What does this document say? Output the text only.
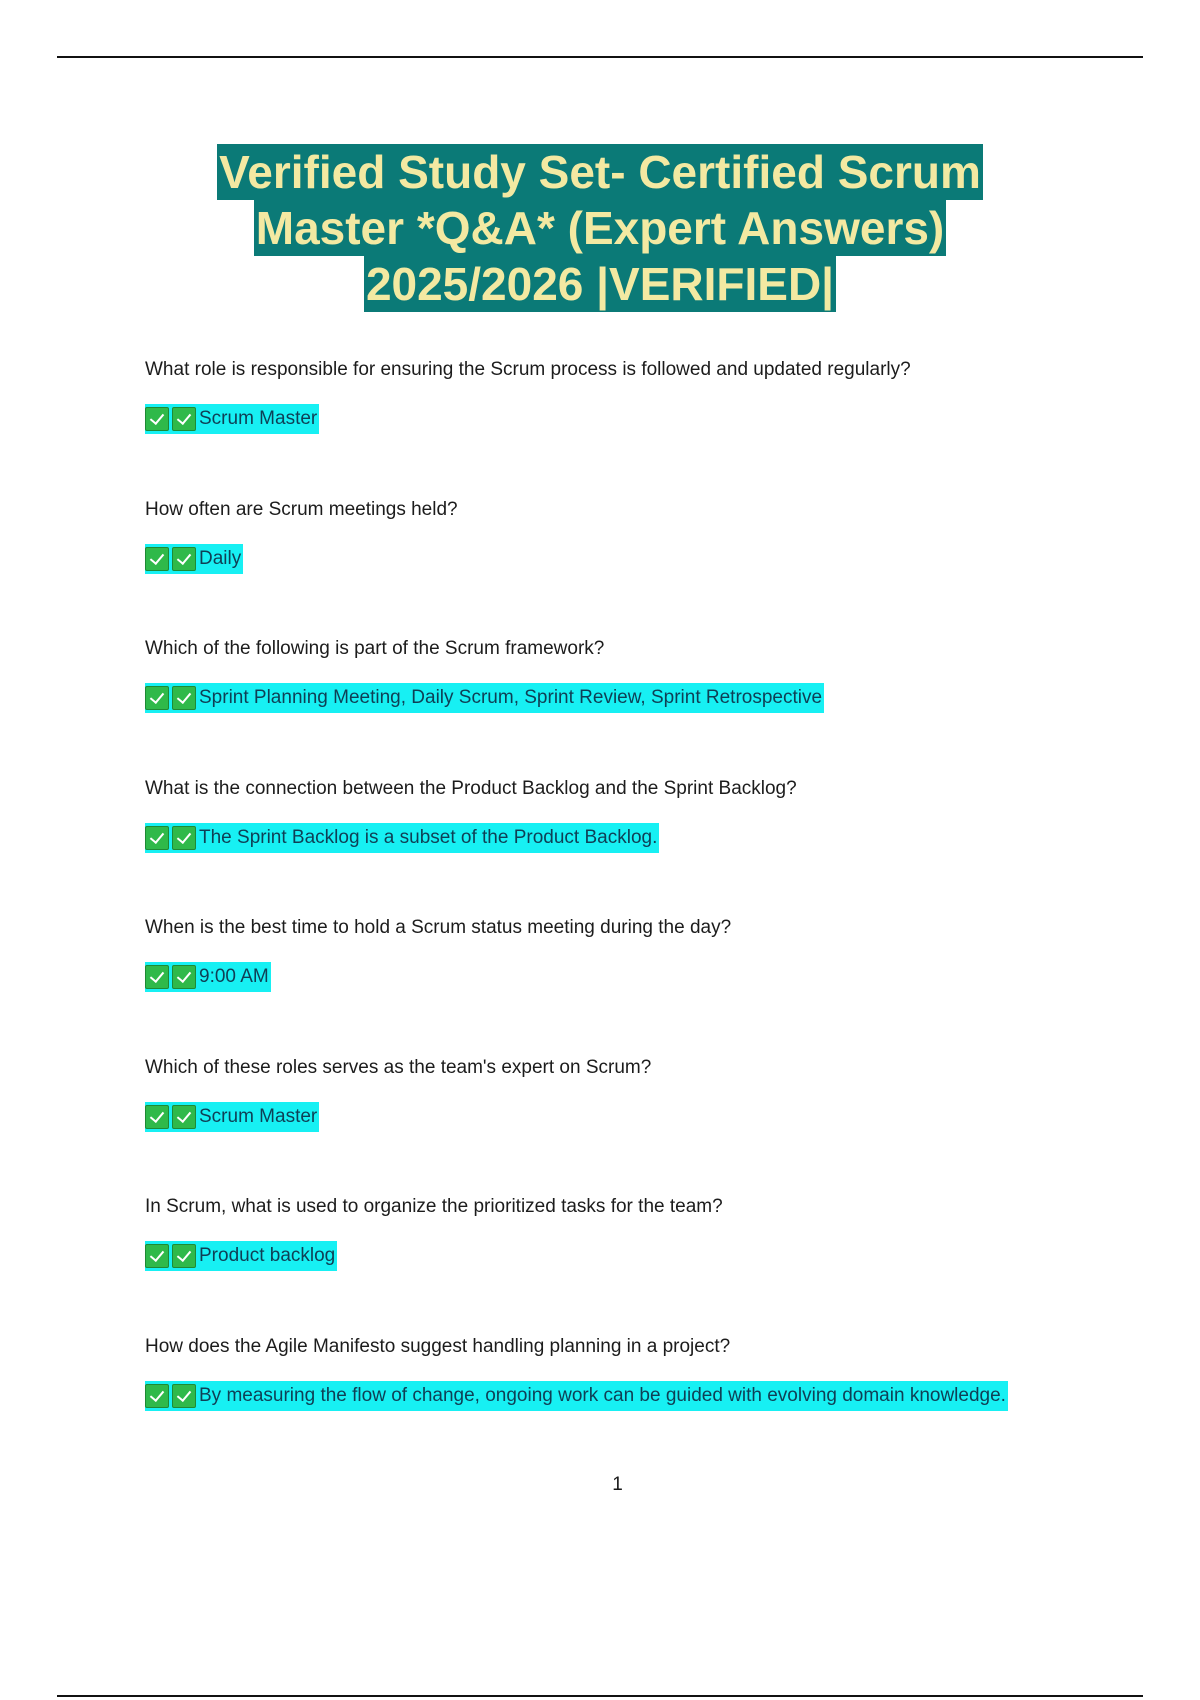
Verified Study Set- Certified Scrum
Master *Q&A* (Expert Answers)
2025/2026 |VERIFIED|
What role is responsible for ensuring the Scrum process is followed and updated regularly?
Scrum Master
How often are Scrum meetings held?
Daily
Which of the following is part of the Scrum framework?
Sprint Planning Meeting, Daily Scrum, Sprint Review, Sprint Retrospective
What is the connection between the Product Backlog and the Sprint Backlog?
The Sprint Backlog is a subset of the Product Backlog.
When is the best time to hold a Scrum status meeting during the day?
9:00 AM
Which of these roles serves as the team's expert on Scrum?
Scrum Master
In Scrum, what is used to organize the prioritized tasks for the team?
Product backlog
How does the Agile Manifesto suggest handling planning in a project?
By measuring the flow of change, ongoing work can be guided with evolving domain knowledge.
1
